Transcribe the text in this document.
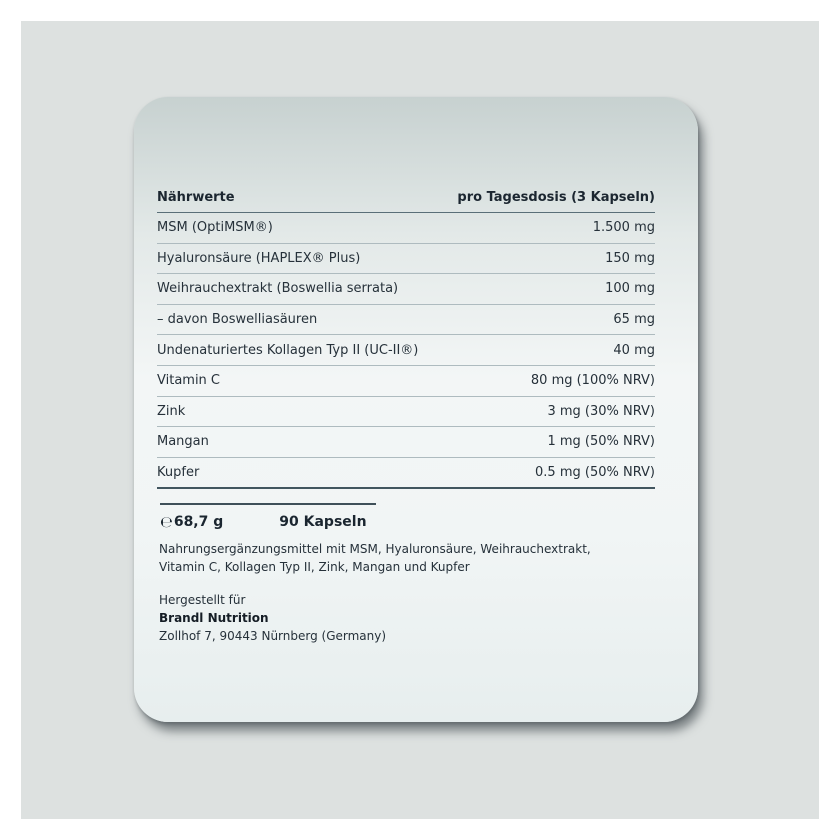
Nährwerte	pro Tagesdosis (3 Kapseln)
MSM (OptiMSM®)	1.500 mg
Hyaluronsäure (HAPLEX® Plus)	150 mg
Weihrauchextrakt (Boswellia serrata)	100 mg
– davon Boswelliasäuren	65 mg
Undenaturiertes Kollagen Typ II (UC-II®)	40 mg
Vitamin C	80 mg (100% NRV)
Zink	3 mg (30% NRV)
Mangan	1 mg (50% NRV)
Kupfer	0.5 mg (50% NRV)
℮ 68,7 g	90 Kapseln
Nahrungsergänzungsmittel mit MSM, Hyaluronsäure, Weihrauchextrakt,
Vitamin C, Kollagen Typ II, Zink, Mangan und Kupfer
Hergestellt für
Brandl Nutrition
Zollhof 7, 90443 Nürnberg (Germany)
